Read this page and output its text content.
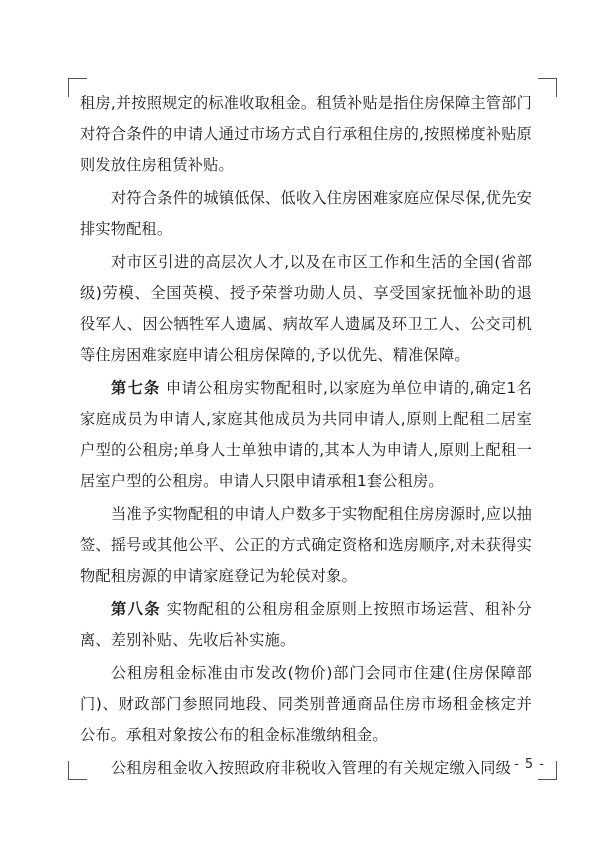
租房,并按照规定的标准收取租金。租赁补贴是指住房保障主管部门对符合条件的申请人通过市场方式自行承租住房的,按照梯度补贴原则发放住房租赁补贴。

对符合条件的城镇低保、低收入住房困难家庭应保尽保,优先安排实物配租。

对市区引进的高层次人才,以及在市区工作和生活的全国(省部级)劳模、全国英模、授予荣誉功勋人员、享受国家抚恤补助的退役军人、因公牺牲军人遗属、病故军人遗属及环卫工人、公交司机等住房困难家庭申请公租房保障的,予以优先、精准保障。

第七条 申请公租房实物配租时,以家庭为单位申请的,确定1名家庭成员为申请人,家庭其他成员为共同申请人,原则上配租二居室户型的公租房;单身人士单独申请的,其本人为申请人,原则上配租一居室户型的公租房。申请人只限申请承租1套公租房。

当准予实物配租的申请人户数多于实物配租住房房源时,应以抽签、摇号或其他公平、公正的方式确定资格和选房顺序,对未获得实物配租房源的申请家庭登记为轮侯对象。

第八条 实物配租的公租房租金原则上按照市场运营、租补分离、差别补贴、先收后补实施。

公租房租金标准由市发改(物价)部门会同市住建(住房保障部门)、财政部门参照同地段、同类别普通商品住房市场租金核定并公布。承租对象按公布的租金标准缴纳租金。

公租房租金收入按照政府非税收入管理的有关规定缴入同级 - 5 -
